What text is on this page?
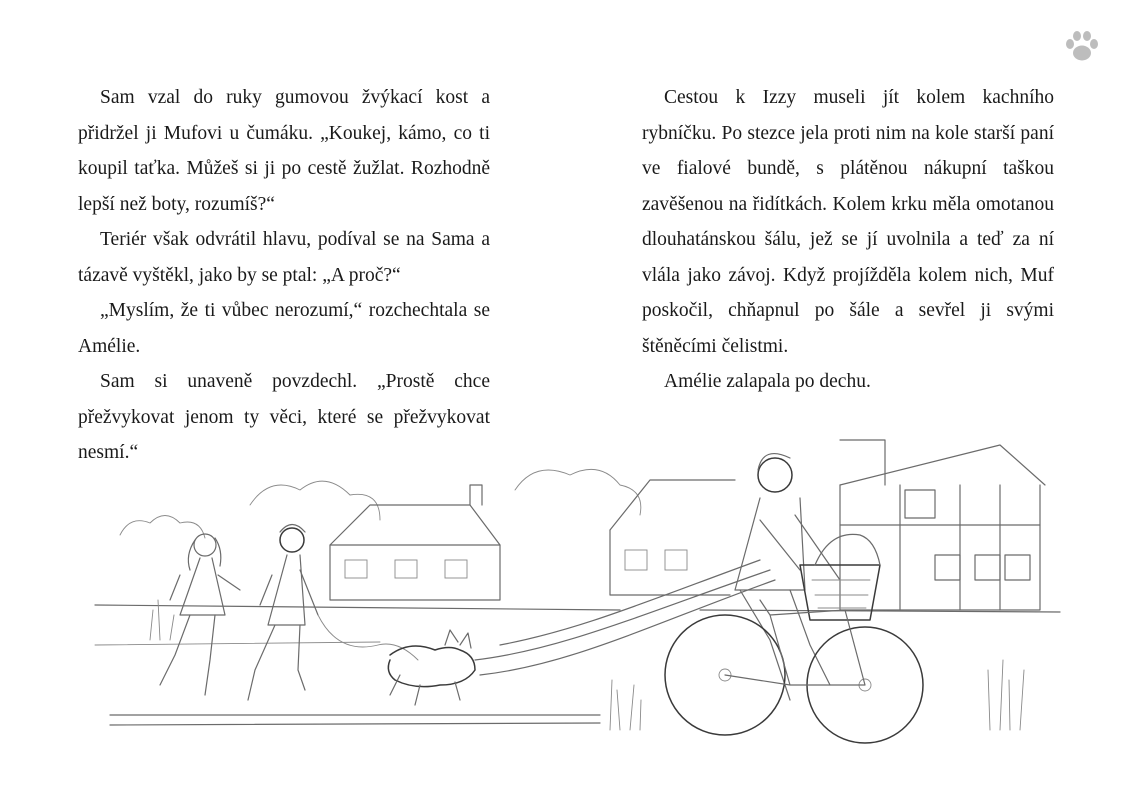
Sam vzal do ruky gumovou žvýkací kost a přidržel ji Mufovi u čumáku. „Koukej, kámo, co ti koupil taťka. Můžeš si ji po cestě žužlat. Rozhodně lepší než boty, rozumíš?“

Teriér však odvrátil hlavu, podíval se na Sama a tázavě vyštěkl, jako by se ptal: „A proč?“

„Myslím, že ti vůbec nerozumí,“ rozchechtala se Amélie.

Sam si unaveně povzdechl. „Prostě chce přežvykovat jenom ty věci, které se přežvykovat nesmí.“

Cestou k Izzy museli jít kolem kachního rybníčku. Po stezce jela proti nim na kole starší paní ve fialové bundě, s plátěnou nákupní taškou zavěšenou na řidítkách. Kolem krku měla omotanou dlouhatánskou šálu, jež se jí uvolnila a teď za ní vlála jako závoj. Když projížděla kolem nich, Muf poskočil, chňapnul po šále a sevřel ji svými štěněcími čelistmi.

Amélie zalapala po dechu.
